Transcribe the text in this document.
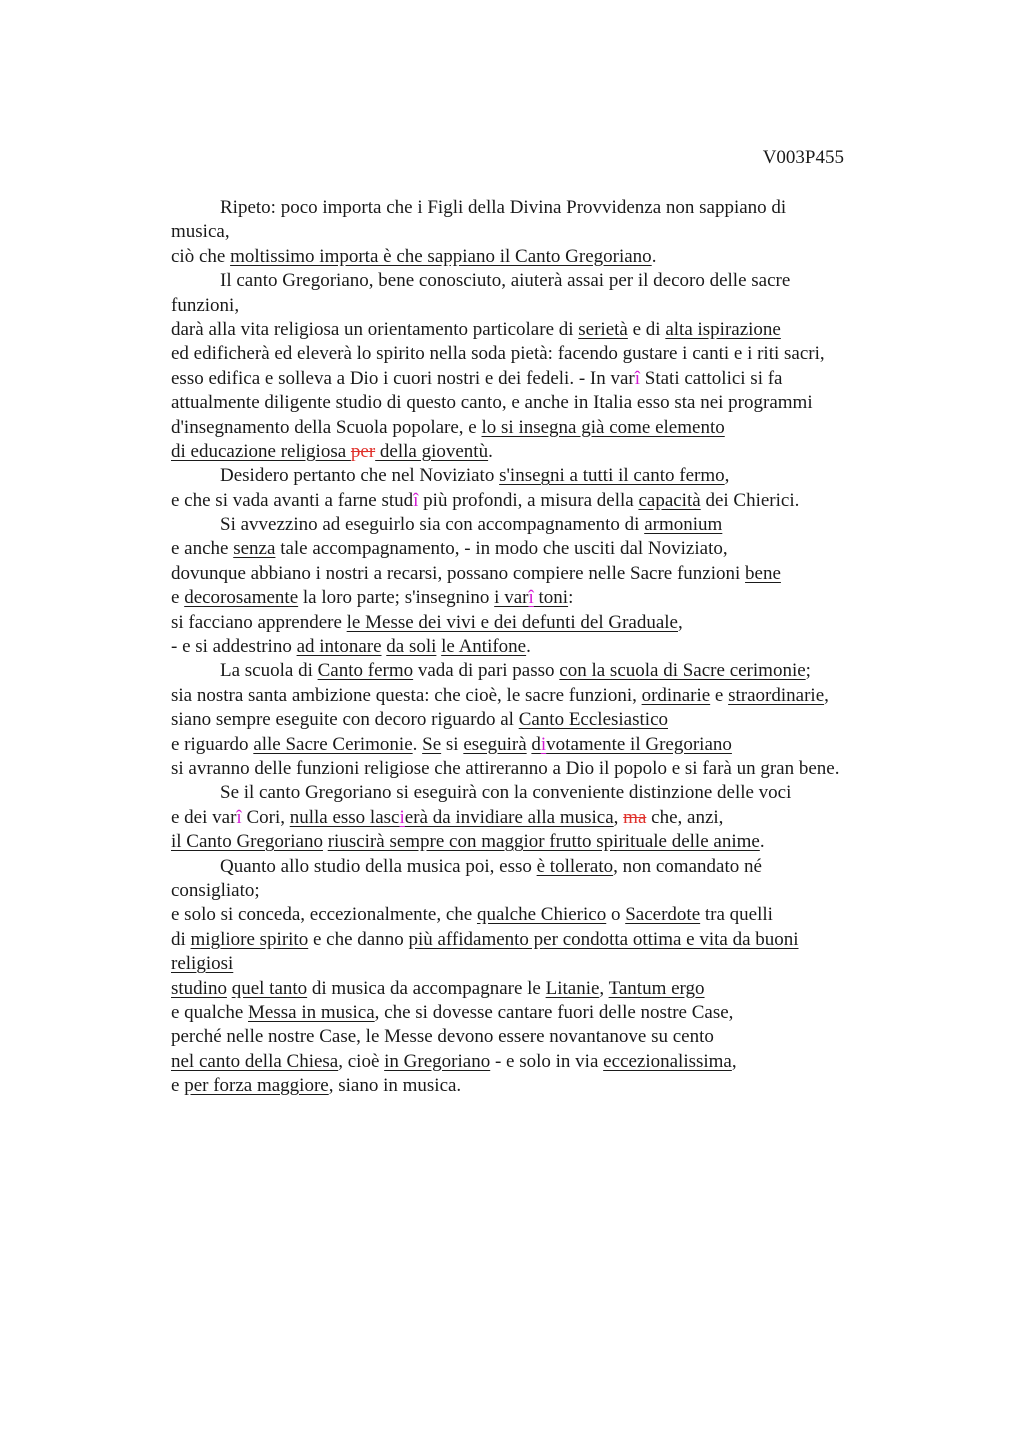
V003P455
Ripeto: poco importa che i Figli della Divina Provvidenza non sappiano di
musica,
ciò che moltissimo importa è che sappiano il Canto Gregoriano.
Il canto Gregoriano, bene conosciuto, aiuterà assai per il decoro delle sacre
funzioni,
darà alla vita religiosa un orientamento particolare di serietà e di alta ispirazione
ed edificherà ed eleverà lo spirito nella soda pietà: facendo gustare i canti e i riti sacri,
esso edifica e solleva a Dio i cuori nostri e dei fedeli. - In varî Stati cattolici si fa
attualmente diligente studio di questo canto, e anche in Italia esso sta nei programmi
d'insegnamento della Scuola popolare, e lo si insegna già come elemento
di educazione religiosa per della gioventù.
Desidero pertanto che nel Noviziato s'insegni a tutti il canto fermo,
e che si vada avanti a farne studî più profondi, a misura della capacità dei Chierici.
Si avvezzino ad eseguirlo sia con accompagnamento di armonium
e anche senza tale accompagnamento, - in modo che usciti dal Noviziato,
dovunque abbiano i nostri a recarsi, possano compiere nelle Sacre funzioni bene
e decorosamente la loro parte; s'insegnino i varî toni:
si facciano apprendere le Messe dei vivi e dei defunti del Graduale,
- e si addestrino ad intonare da soli le Antifone.
La scuola di Canto fermo vada di pari passo con la scuola di Sacre cerimonie;
sia nostra santa ambizione questa: che cioè, le sacre funzioni, ordinarie e straordinarie,
siano sempre eseguite con decoro riguardo al Canto Ecclesiastico
e riguardo alle Sacre Cerimonie. Se si eseguirà divotamente il Gregoriano
si avranno delle funzioni religiose che attireranno a Dio il popolo e si farà un gran bene.
Se il canto Gregoriano si eseguirà con la conveniente distinzione delle voci
e dei varî Cori, nulla esso lascierà da invidiare alla musica, ma che, anzi,
il Canto Gregoriano riuscirà sempre con maggior frutto spirituale delle anime.
Quanto allo studio della musica poi, esso è tollerato, non comandato né
consigliato;
e solo si conceda, eccezionalmente, che qualche Chierico o Sacerdote tra quelli
di migliore spirito e che danno più affidamento per condotta ottima e vita da buoni
religiosi
studino quel tanto di musica da accompagnare le Litanie, Tantum ergo
e qualche Messa in musica, che si dovesse cantare fuori delle nostre Case,
perché nelle nostre Case, le Messe devono essere novantanove su cento
nel canto della Chiesa, cioè in Gregoriano - e solo in via eccezionalissima,
e per forza maggiore, siano in musica.
